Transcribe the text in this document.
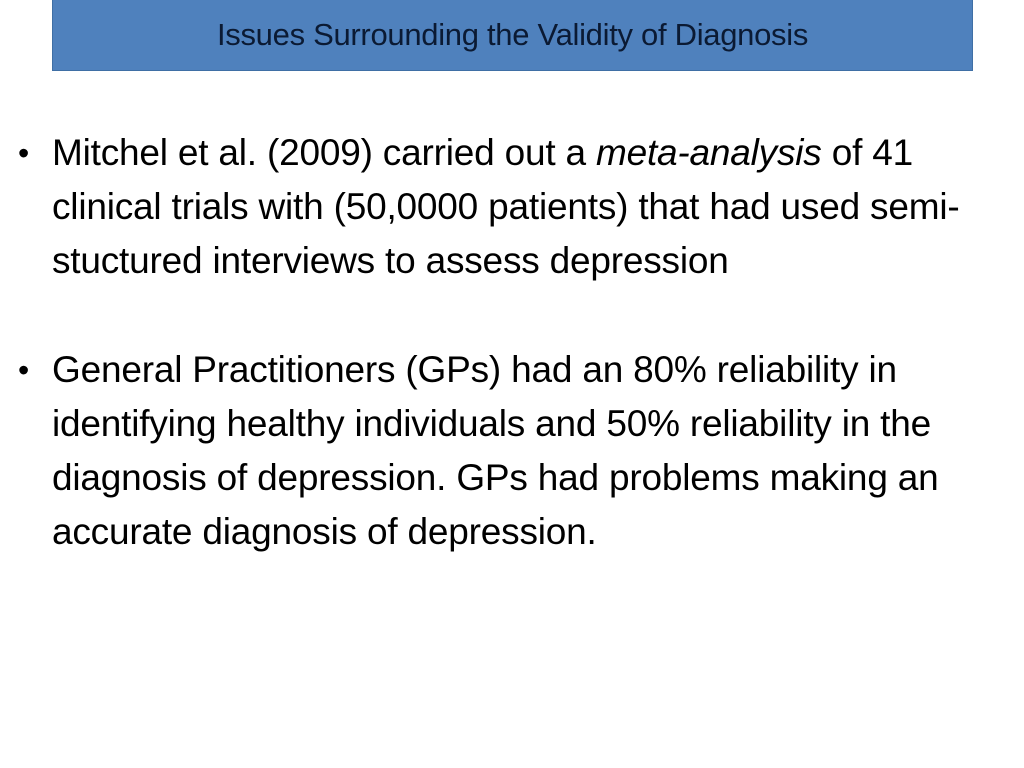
Issues Surrounding the Validity of Diagnosis
• Mitchel et al. (2009) carried out a meta-analysis of 41 clinical trials with (50,0000 patients) that had used semi- stuctured interviews to assess depression
• General Practitioners (GPs) had an 80% reliability in identifying healthy individuals and 50% reliability in the diagnosis of depression. GPs had problems making an accurate diagnosis of depression.
